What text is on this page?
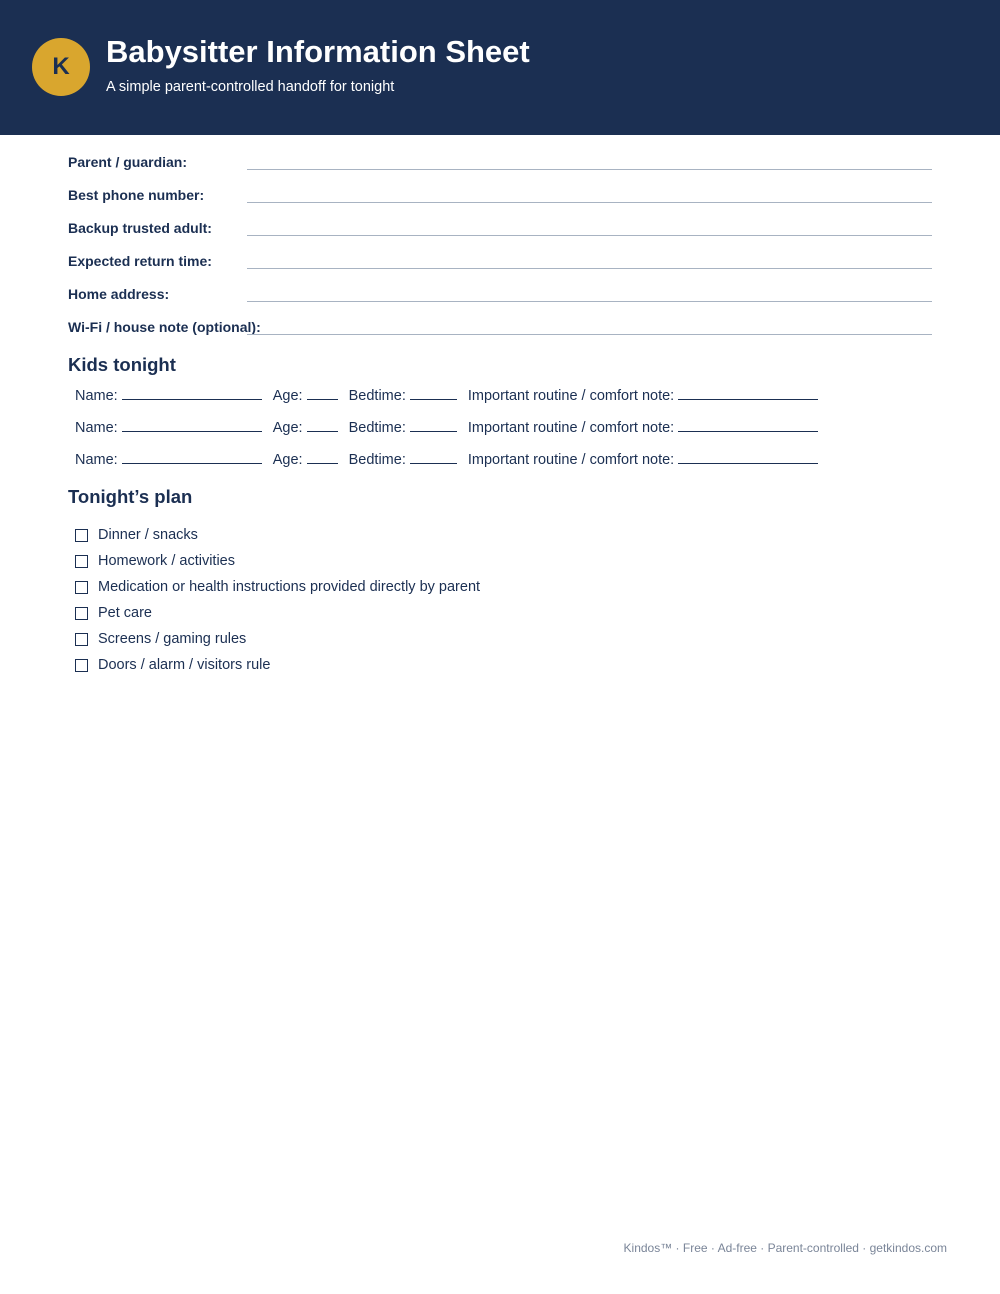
K Babysitter Information Sheet
A simple parent-controlled handoff for tonight
Parent / guardian:
Best phone number:
Backup trusted adult:
Expected return time:
Home address:
Wi-Fi / house note (optional):
Kids tonight
Name:	Age:	Bedtime:	Important routine / comfort note:
Name:	Age:	Bedtime:	Important routine / comfort note:
Name:	Age:	Bedtime:	Important routine / comfort note:
Tonight’s plan
Dinner / snacks
Homework / activities
Medication or health instructions provided directly by parent
Pet care
Screens / gaming rules
Doors / alarm / visitors rule
Kindos™ · Free · Ad-free · Parent-controlled · getkindos.com
